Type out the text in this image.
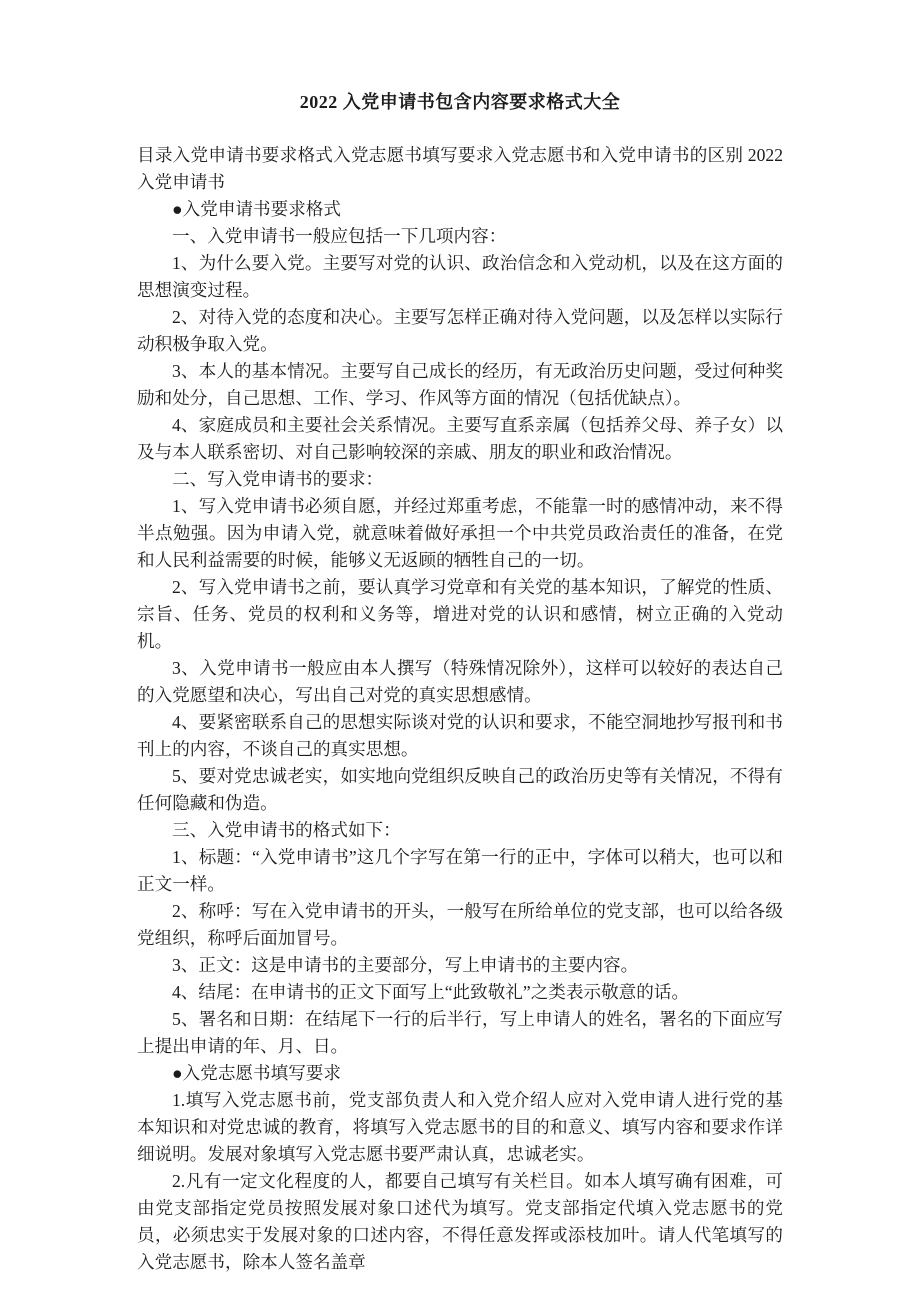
2022 入党申请书包含内容要求格式大全

目录入党申请书要求格式入党志愿书填写要求入党志愿书和入党申请书的区别 2022 入党申请书

●入党申请书要求格式

一、入党申请书一般应包括一下几项内容：

1、为什么要入党。主要写对党的认识、政治信念和入党动机，以及在这方面的思想演变过程。

2、对待入党的态度和决心。主要写怎样正确对待入党问题，以及怎样以实际行动积极争取入党。

3、本人的基本情况。主要写自己成长的经历，有无政治历史问题，受过何种奖励和处分，自己思想、工作、学习、作风等方面的情况（包括优缺点）。

4、家庭成员和主要社会关系情况。主要写直系亲属（包括养父母、养子女）以及与本人联系密切、对自己影响较深的亲戚、朋友的职业和政治情况。

二、写入党申请书的要求：

1、写入党申请书必须自愿，并经过郑重考虑，不能靠一时的感情冲动，来不得半点勉强。因为申请入党，就意味着做好承担一个中共党员政治责任的准备，在党和人民利益需要的时候，能够义无返顾的牺牲自己的一切。

2、写入党申请书之前，要认真学习党章和有关党的基本知识，了解党的性质、宗旨、任务、党员的权利和义务等，增进对党的认识和感情，树立正确的入党动机。

3、入党申请书一般应由本人撰写（特殊情况除外），这样可以较好的表达自己的入党愿望和决心，写出自己对党的真实思想感情。

4、要紧密联系自己的思想实际谈对党的认识和要求，不能空洞地抄写报刊和书刊上的内容，不谈自己的真实思想。

5、要对党忠诚老实，如实地向党组织反映自己的政治历史等有关情况，不得有任何隐藏和伪造。

三、入党申请书的格式如下：

1、标题：“入党申请书”这几个字写在第一行的正中，字体可以稍大，也可以和正文一样。

2、称呼：写在入党申请书的开头，一般写在所给单位的党支部，也可以给各级党组织，称呼后面加冒号。

3、正文：这是申请书的主要部分，写上申请书的主要内容。

4、结尾：在申请书的正文下面写上“此致敬礼”之类表示敬意的话。

5、署名和日期：在结尾下一行的后半行，写上申请人的姓名，署名的下面应写上提出申请的年、月、日。

●入党志愿书填写要求

1.填写入党志愿书前，党支部负责人和入党介绍人应对入党申请人进行党的基本知识和对党忠诚的教育，将填写入党志愿书的目的和意义、填写内容和要求作详细说明。发展对象填写入党志愿书要严肃认真，忠诚老实。

2.凡有一定文化程度的人，都要自己填写有关栏目。如本人填写确有困难，可由党支部指定党员按照发展对象口述代为填写。党支部指定代填入党志愿书的党员，必须忠实于发展对象的口述内容，不得任意发挥或添枝加叶。请人代笔填写的入党志愿书，除本人签名盖章
